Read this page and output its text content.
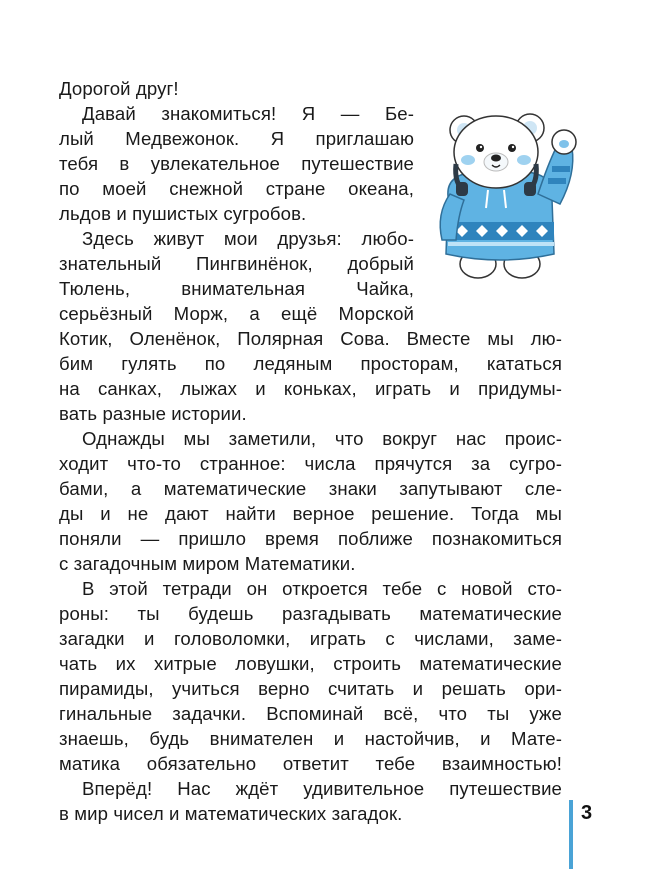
Дорогой друг!
Давай знакомиться! Я — Бе-
лый Медвежонок. Я приглашаю
тебя в увлекательное путешествие
по моей снежной стране океана,
льдов и пушистых сугробов.
Здесь живут мои друзья: любо-
знательный Пингвинёнок, добрый
Тюлень, внимательная Чайка,
серьёзный Морж, а ещё Морской
Котик, Оленёнок, Полярная Сова. Вместе мы лю-
бим гулять по ледяным просторам, кататься
на санках, лыжах и коньках, играть и придумы-
вать разные истории.
Однажды мы заметили, что вокруг нас проис-
ходит что-то странное: числа прячутся за сугро-
бами, а математические знаки запутывают сле-
ды и не дают найти верное решение. Тогда мы
поняли — пришло время поближе познакомиться
с загадочным миром Математики.
В этой тетради он откроется тебе с новой сто-
роны: ты будешь разгадывать математические
загадки и головоломки, играть с числами, заме-
чать их хитрые ловушки, строить математические
пирамиды, учиться верно считать и решать ори-
гинальные задачки. Вспоминай всё, что ты уже
знаешь, будь внимателен и настойчив, и Мате-
матика обязательно ответит тебе взаимностью!
Вперёд! Нас ждёт удивительное путешествие
в мир чисел и математических загадок.	3
